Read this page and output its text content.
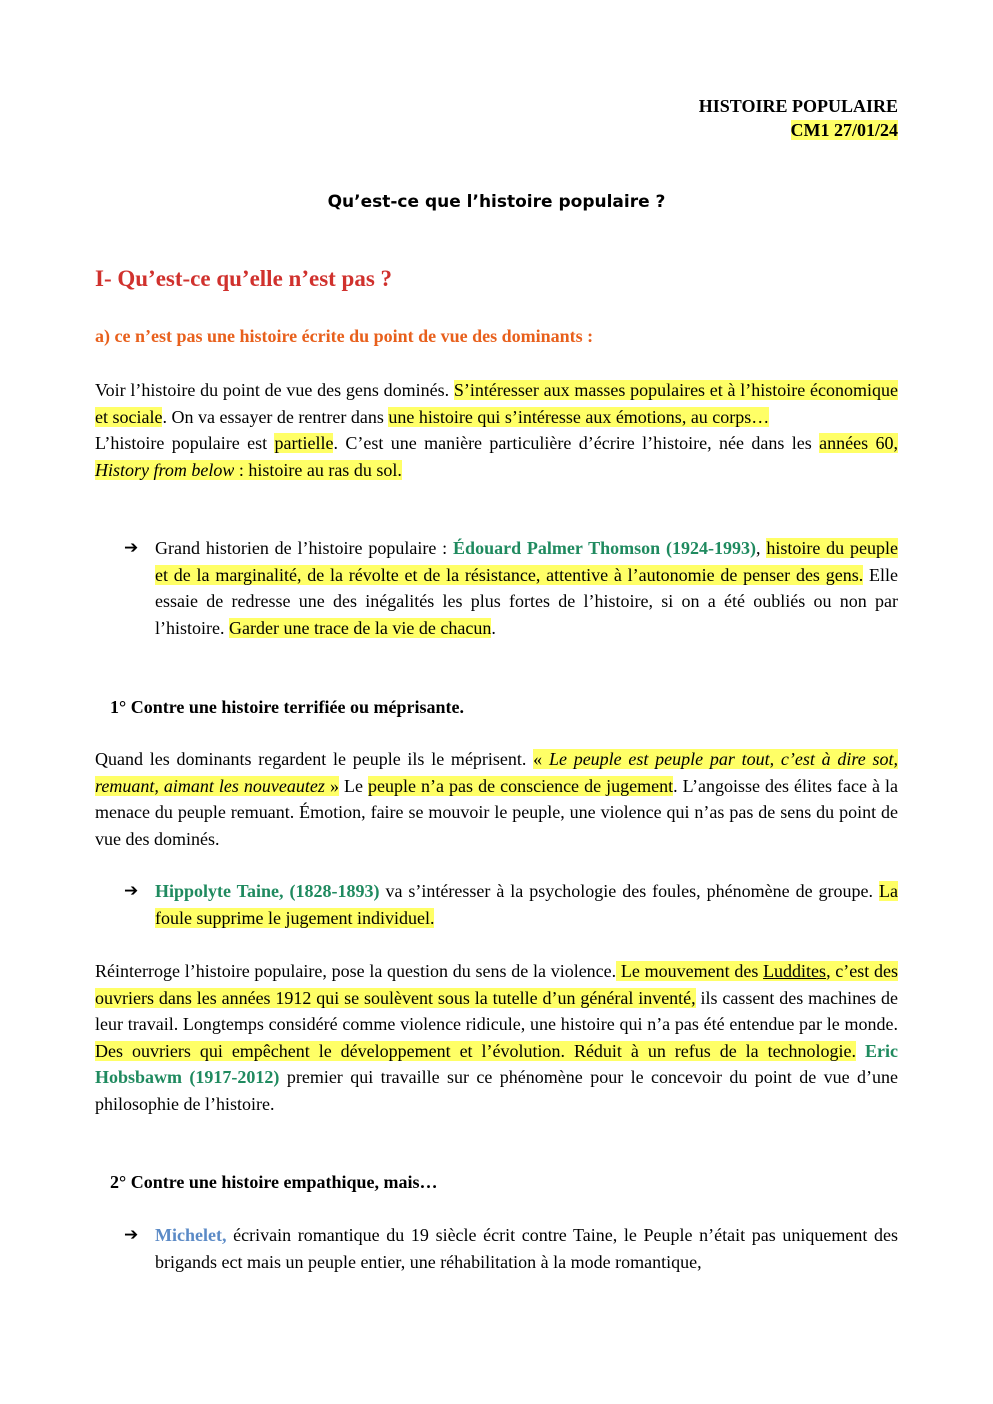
HISTOIRE POPULAIRE
CM1 27/01/24
Qu’est-ce que l’histoire populaire ?
I- Qu’est-ce qu’elle n’est pas ?
a) ce n’est pas une histoire écrite du point de vue des dominants :

Voir l’histoire du point de vue des gens dominés. S’intéresser aux masses populaires et à l’histoire économique et sociale. On va essayer de rentrer dans une histoire qui s’intéresse aux émotions, au corps…
L’histoire populaire est partielle. C’est une manière particulière d’écrire l’histoire, née dans les années 60, History from below : histoire au ras du sol.

➔ Grand historien de l’histoire populaire : Édouard Palmer Thomson (1924-1993), histoire du peuple et de la marginalité, de la révolte et de la résistance, attentive à l’autonomie de penser des gens. Elle essaie de redresse une des inégalités les plus fortes de l’histoire, si on a été oubliés ou non par l’histoire. Garder une trace de la vie de chacun.

1° Contre une histoire terrifiée ou méprisante.

Quand les dominants regardent le peuple ils le méprisent. « Le peuple est peuple par tout, c’est à dire sot, remuant, aimant les nouveautez » Le peuple n’a pas de conscience de jugement. L’angoisse des élites face à la menace du peuple remuant. Émotion, faire se mouvoir le peuple, une violence qui n’as pas de sens du point de vue des dominés.

➔ Hippolyte Taine, (1828-1893) va s’intéresser à la psychologie des foules, phénomène de groupe. La foule supprime le jugement individuel.

Réinterroge l’histoire populaire, pose la question du sens de la violence. Le mouvement des Luddites, c’est des ouvriers dans les années 1912 qui se soulèvent sous la tutelle d’un général inventé, ils cassent des machines de leur travail. Longtemps considéré comme violence ridicule, une histoire qui n’a pas été entendue par le monde. Des ouvriers qui empêchent le développement et l’évolution. Réduit à un refus de la technologie. Eric Hobsbawm (1917-2012) premier qui travaille sur ce phénomène pour le concevoir du point de vue d’une philosophie de l’histoire.

2° Contre une histoire empathique, mais…
➔ Michelet, écrivain romantique du 19 siècle écrit contre Taine, le Peuple n’était pas uniquement des brigands ect mais un peuple entier, une réhabilitation à la mode romantique,
